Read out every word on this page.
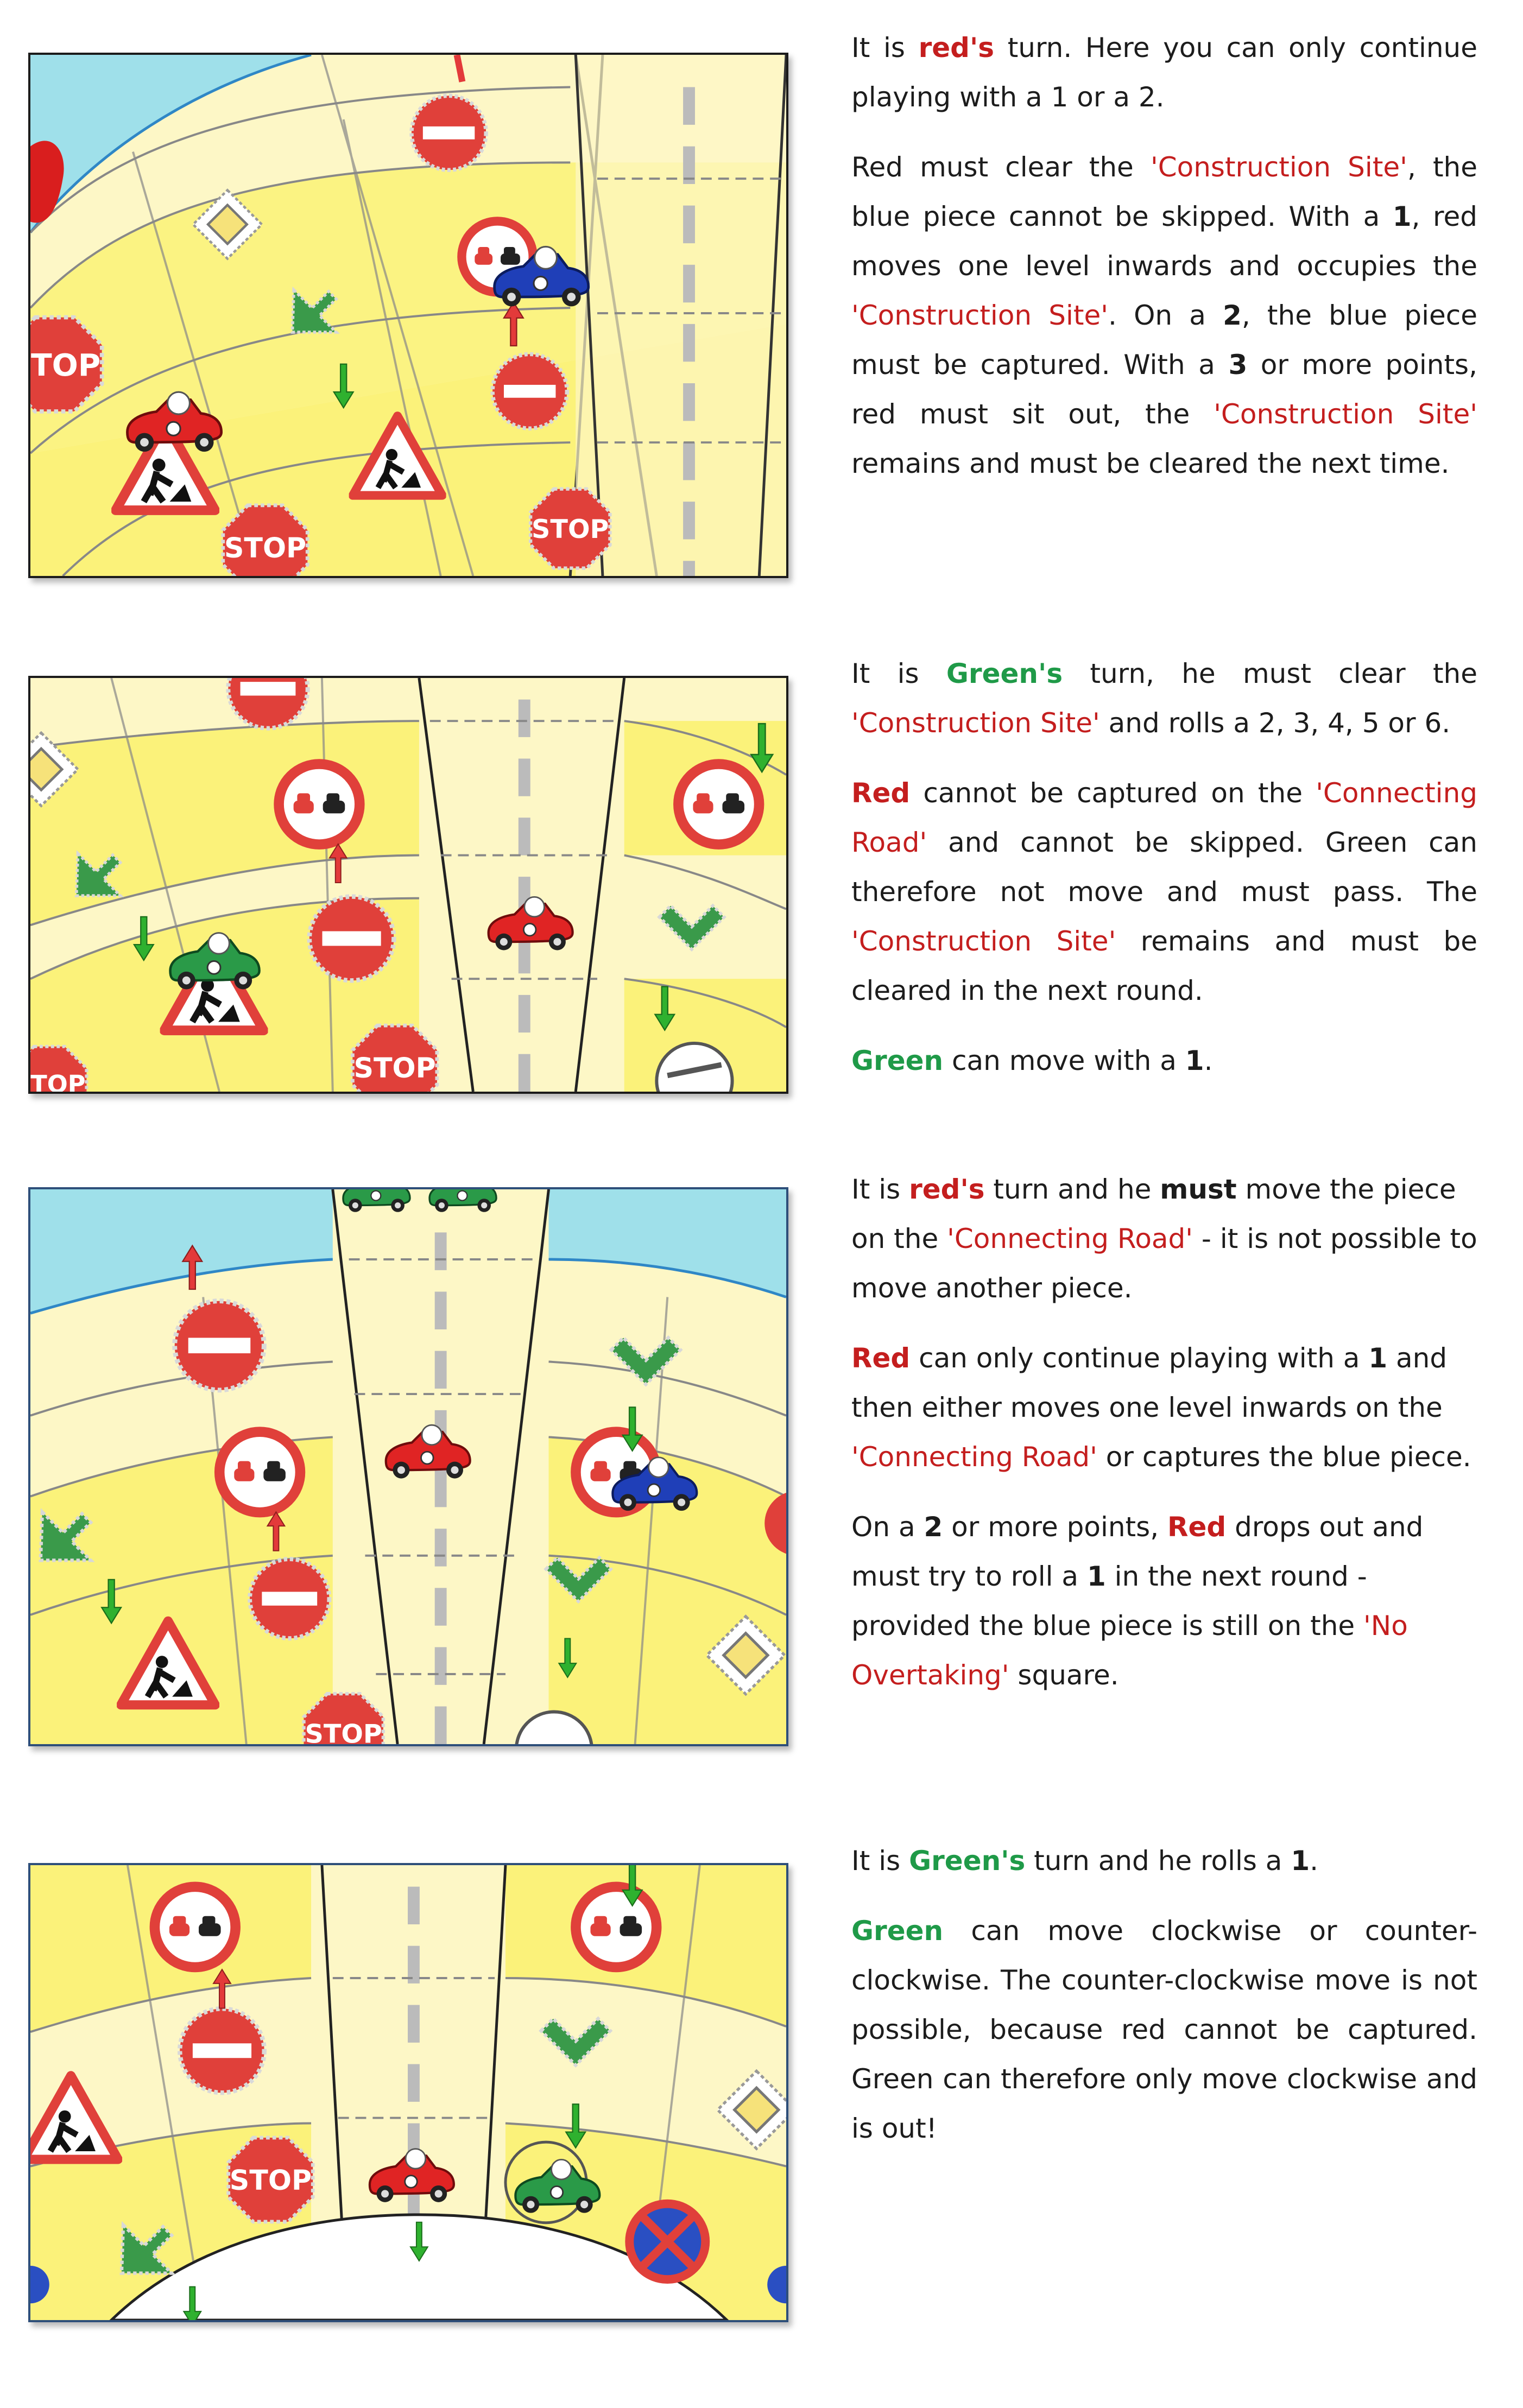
It is red's turn. Here you can only continue playing with a 1 or a 2.

Red must clear the 'Construction Site', the blue piece cannot be skipped. With a 1, red moves one level inwards and occupies the 'Construction Site'. On a 2, the blue piece must be captured. With a 3 or more points, red must sit out, the 'Construction Site' remains and must be cleared the next time.

It is Green's turn, he must clear the 'Construction Site' and rolls a 2, 3, 4, 5 or 6.

Red cannot be captured on the 'Connecting Road' and cannot be skipped. Green can therefore not move and must pass. The 'Construction Site' remains and must be cleared in the next round.

Green can move with a 1.

It is red's turn and he must move the piece on the 'Connecting Road' - it is not possible to move another piece.

Red can only continue playing with a 1 and then either moves one level inwards on the 'Connecting Road' or captures the blue piece.

On a 2 or more points, Red drops out and must try to roll a 1 in the next round - provided the blue piece is still on the 'No Overtaking' square.

It is Green's turn and he rolls a 1.

Green can move clockwise or counter-clockwise. The counter-clockwise move is not possible, because red cannot be captured. Green can therefore only move clockwise and is out!
